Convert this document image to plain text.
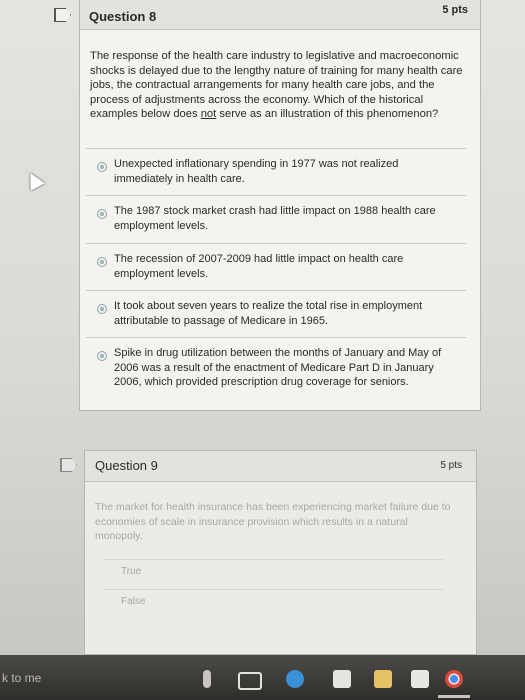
Question 8	5 pts
The response of the health care industry to legislative and macroeconomic shocks is delayed due to the lengthy nature of training for many health care jobs, the contractual arrangements for many health care jobs, and the process of adjustments across the economy. Which of the historical examples below does not serve as an illustration of this phenomenon?
Unexpected inflationary spending in 1977 was not realized immediately in health care.
The 1987 stock market crash had little impact on 1988 health care employment levels.
The recession of 2007-2009 had little impact on health care employment levels.
It took about seven years to realize the total rise in employment attributable to passage of Medicare in 1965.
Spike in drug utilization between the months of January and May of 2006 was a result of the enactment of Medicare Part D in January 2006, which provided prescription drug coverage for seniors.
Question 9	5 pts
The market for health insurance has been experiencing market failure due to economies of scale in insurance provision which results in a natural monopoly.
True
False
k to me
